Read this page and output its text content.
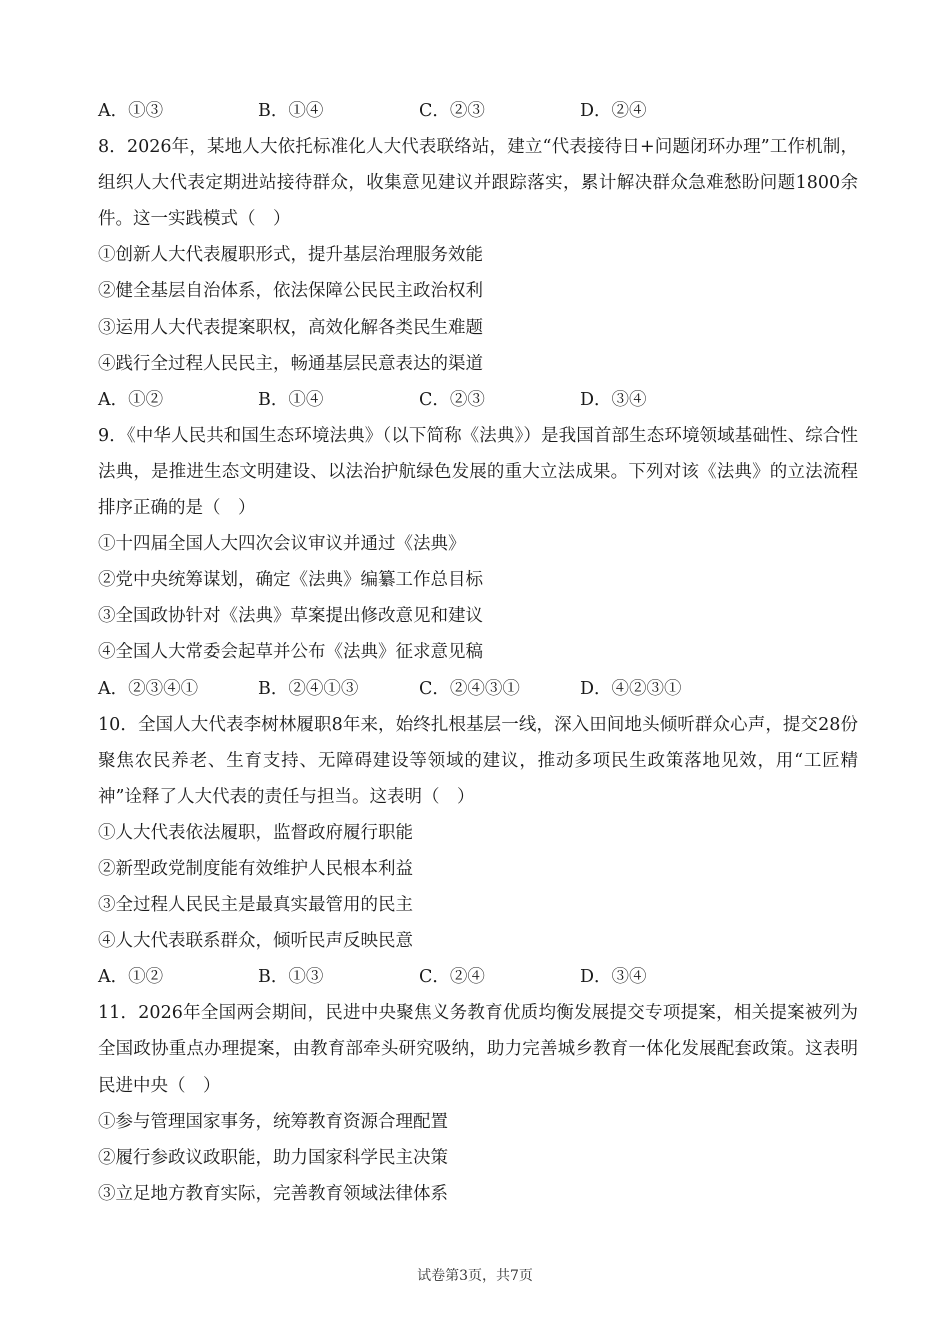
A．①③	B．①④	C．②③	D．②④
8．2026年，某地人大依托标准化人大代表联络站，建立“代表接待日+问题闭环办理”工作机制，组织人大代表定期进站接待群众，收集意见建议并跟踪落实，累计解决群众急难愁盼问题1800余件。这一实践模式（　）
①创新人大代表履职形式，提升基层治理服务效能
②健全基层自治体系，依法保障公民民主政治权利
③运用人大代表提案职权，高效化解各类民生难题
④践行全过程人民民主，畅通基层民意表达的渠道
A．①②	B．①④	C．②③	D．③④
9．《中华人民共和国生态环境法典》（以下简称《法典》）是我国首部生态环境领域基础性、综合性法典，是推进生态文明建设、以法治护航绿色发展的重大立法成果。下列对该《法典》的立法流程排序正确的是（　）
①十四届全国人大四次会议审议并通过《法典》
②党中央统筹谋划，确定《法典》编纂工作总目标
③全国政协针对《法典》草案提出修改意见和建议
④全国人大常委会起草并公布《法典》征求意见稿
A．②③④①	B．②④①③	C．②④③①	D．④②③①
10．全国人大代表李树林履职8年来，始终扎根基层一线，深入田间地头倾听群众心声，提交28份聚焦农民养老、生育支持、无障碍建设等领域的建议，推动多项民生政策落地见效，用“工匠精神”诠释了人大代表的责任与担当。这表明（　）
①人大代表依法履职，监督政府履行职能
②新型政党制度能有效维护人民根本利益
③全过程人民民主是最真实最管用的民主
④人大代表联系群众，倾听民声反映民意
A．①②	B．①③	C．②④	D．③④
11．2026年全国两会期间，民进中央聚焦义务教育优质均衡发展提交专项提案，相关提案被列为全国政协重点办理提案，由教育部牵头研究吸纳，助力完善城乡教育一体化发展配套政策。这表明民进中央（　）
①参与管理国家事务，统筹教育资源合理配置
②履行参政议政职能，助力国家科学民主决策
③立足地方教育实际，完善教育领域法律体系
试卷第3页，共7页
